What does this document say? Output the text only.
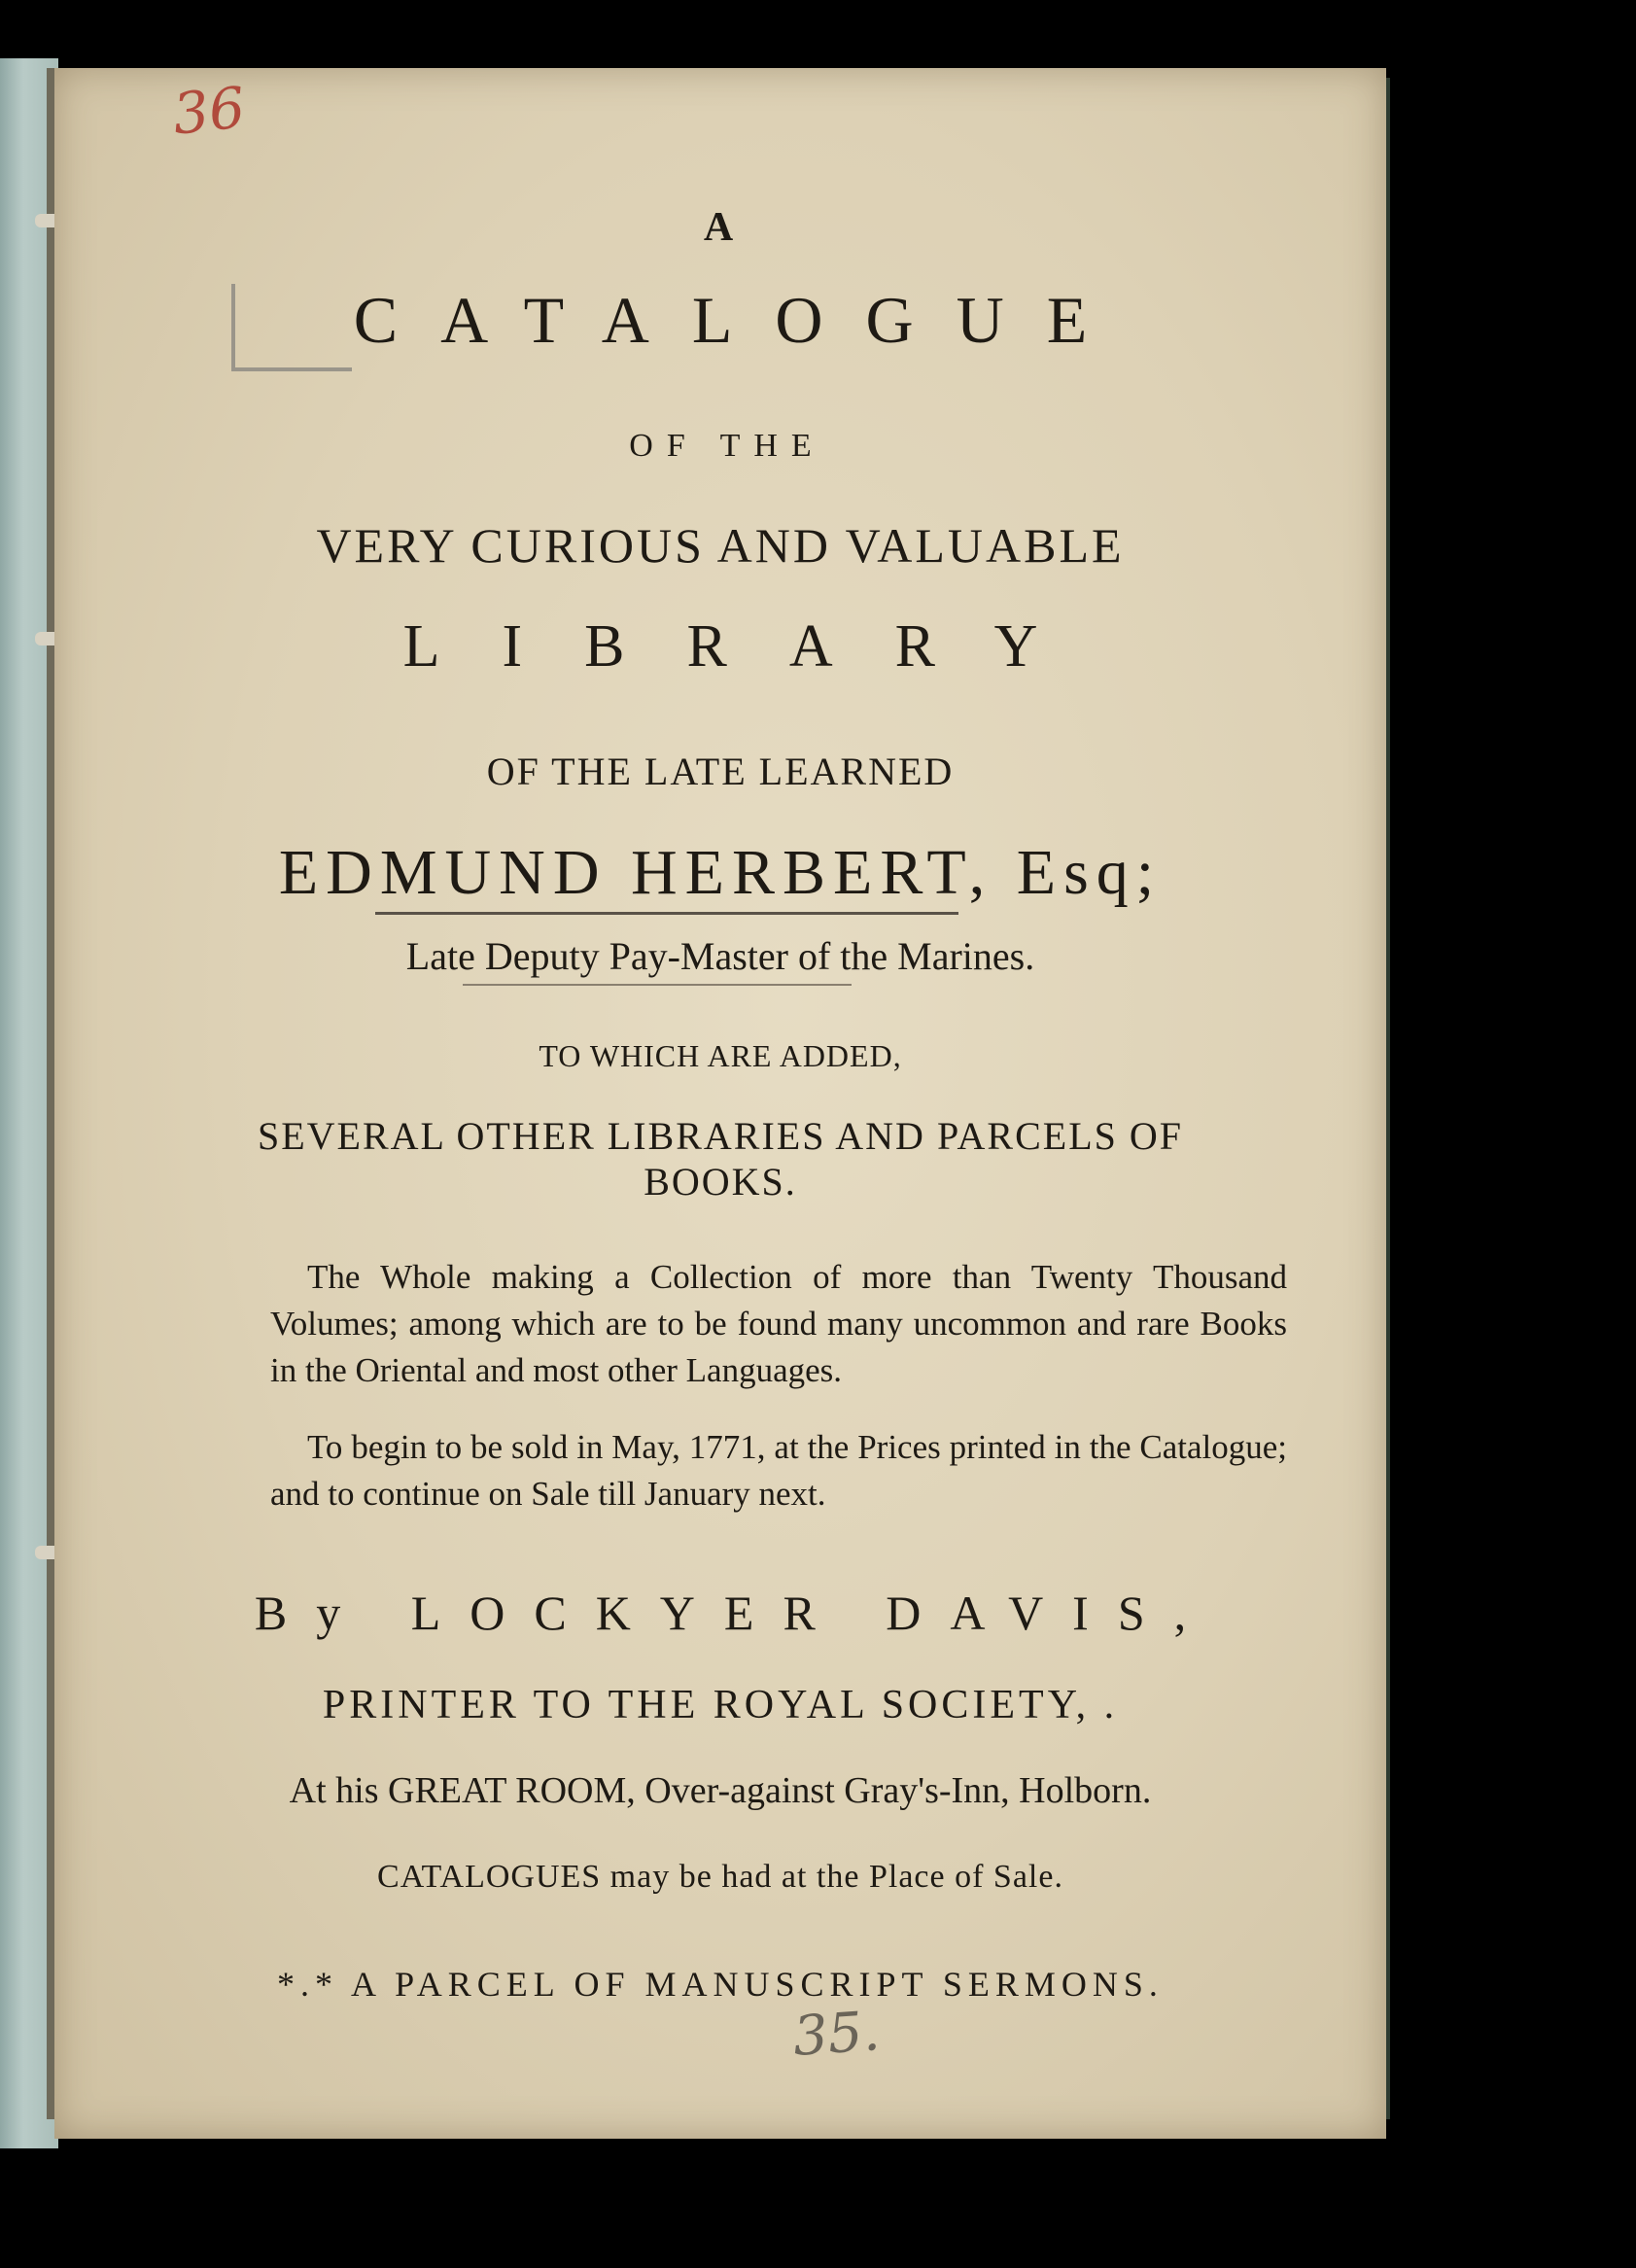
36
A
CATALOGUE
OF THE
VERY CURIOUS AND VALUABLE
LIBRARY
OF THE LATE LEARNED
EDMUND HERBERT, Esq;
Late Deputy Pay-Master of the Marines.
TO WHICH ARE ADDED,
SEVERAL OTHER LIBRARIES AND PARCELS OF
BOOKS.
The Whole making a Collection of more than Twenty Thousand Volumes; among which are to be found many uncommon and rare Books in the Oriental and most other Languages.
To begin to be sold in May, 1771, at the Prices printed in the Catalogue; and to continue on Sale till January next.
By LOCKYER DAVIS,
PRINTER TO THE ROYAL SOCIETY, .
At his GREAT ROOM, Over-against Gray's-Inn, Holborn.
CATALOGUES may be had at the Place of Sale.
*.* A PARCEL OF MANUSCRIPT SERMONS.
35.
